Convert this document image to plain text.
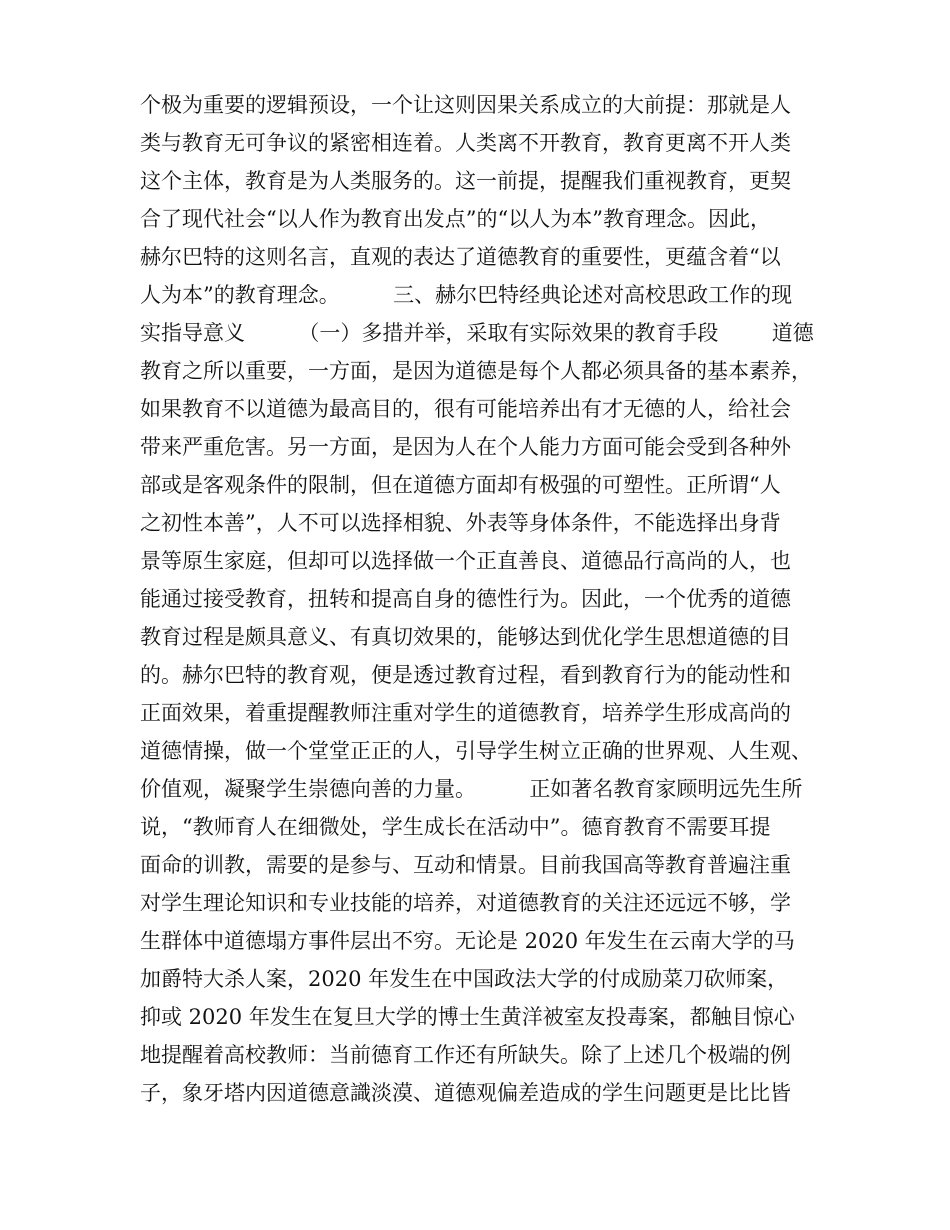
个极为重要的逻辑预设，一个让这则因果关系成立的大前提：那就是人
类与教育无可争议的紧密相连着。人类离不开教育，教育更离不开人类
这个主体，教育是为人类服务的。这一前提，提醒我们重视教育，更契
合了现代社会“以人作为教育出发点”的“以人为本”教育理念。因此，
赫尔巴特的这则名言，直观的表达了道德教育的重要性，更蕴含着“以
人为本”的教育理念。        三、赫尔巴特经典论述对高校思政工作的现
实指导意义        （一）多措并举，采取有实际效果的教育手段        道德
教育之所以重要，一方面，是因为道德是每个人都必须具备的基本素养，
如果教育不以道德为最高目的，很有可能培养出有才无德的人，给社会
带来严重危害。另一方面，是因为人在个人能力方面可能会受到各种外
部或是客观条件的限制，但在道德方面却有极强的可塑性。正所谓“人
之初性本善”，人不可以选择相貌、外表等身体条件，不能选择出身背
景等原生家庭，但却可以选择做一个正直善良、道德品行高尚的人，也
能通过接受教育，扭转和提高自身的德性行为。因此，一个优秀的道德
教育过程是颇具意义、有真切效果的，能够达到优化学生思想道德的目
的。赫尔巴特的教育观，便是透过教育过程，看到教育行为的能动性和
正面效果，着重提醒教师注重对学生的道德教育，培养学生形成高尚的
道德情操，做一个堂堂正正的人，引导学生树立正确的世界观、人生观、
价值观，凝聚学生崇德向善的力量。        正如著名教育家顾明远先生所
说，“教师育人在细微处，学生成长在活动中”。德育教育不需要耳提
面命的训教，需要的是参与、互动和情景。目前我国高等教育普遍注重
对学生理论知识和专业技能的培养，对道德教育的关注还远远不够，学
生群体中道德塌方事件层出不穷。无论是 2020 年发生在云南大学的马
加爵特大杀人案，2020 年发生在中国政法大学的付成励菜刀砍师案，
抑或 2020 年发生在复旦大学的博士生黄洋被室友投毒案，都触目惊心
地提醒着高校教师：当前德育工作还有所缺失。除了上述几个极端的例
子，象牙塔内因道德意識淡漠、道德观偏差造成的学生问题更是比比皆
